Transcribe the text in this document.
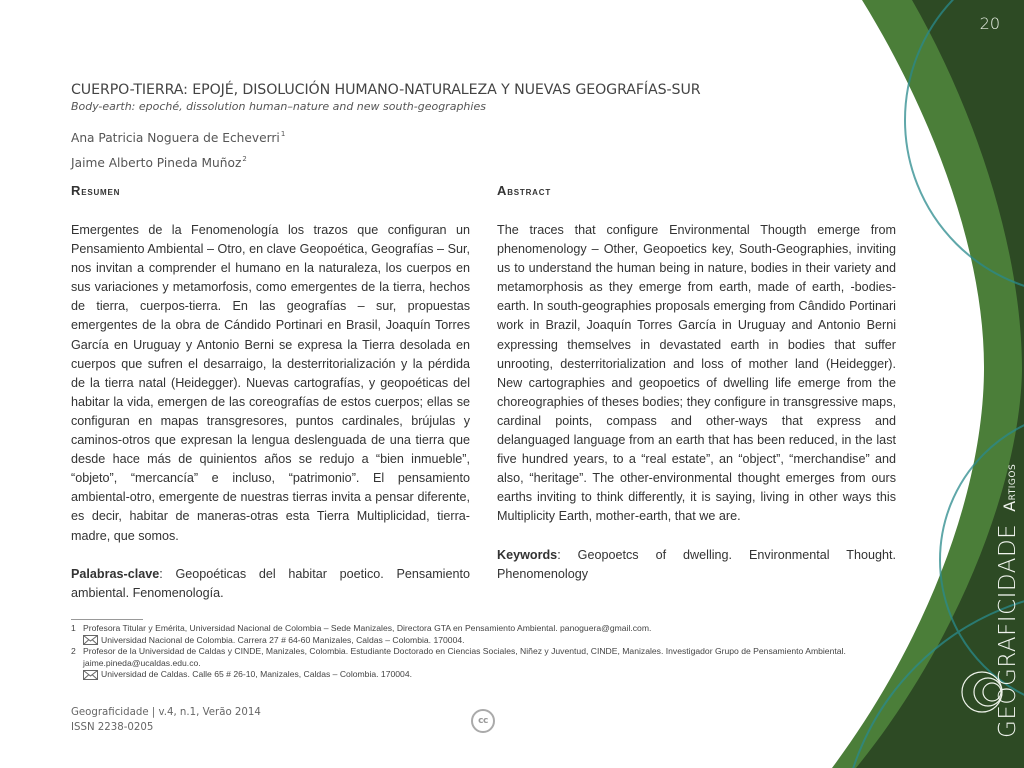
20
CUERPO-TIERRA: EPOJÉ, DISOLUCIÓN HUMANO-NATURALEZA Y NUEVAS GEOGRAFÍAS-SUR
Body-earth: epoché, dissolution human–nature and new south-geographies
Ana Patricia Noguera de Echeverri$^1$
Jaime Alberto Pineda Muñoz$^2$
Resumen
Emergentes de la Fenomenología los trazos que configuran un Pensamiento Ambiental – Otro, en clave Geopoética, Geografías – Sur, nos invitan a comprender el humano en la naturaleza, los cuerpos en sus variaciones y metamorfosis, como emergentes de la tierra, hechos de tierra, cuerpos-tierra. En las geografías – sur, propuestas emergentes de la obra de Cándido Portinari en Brasil, Joaquín Torres García en Uruguay y Antonio Berni se expresa la Tierra desolada en cuerpos que sufren el desarraigo, la desterritorialización y la pérdida de la tierra natal (Heidegger). Nuevas cartografías, y geopoéticas del habitar la vida, emergen de las coreografías de estos cuerpos; ellas se configuran en mapas transgresores, puntos cardinales, brújulas y caminos-otros que expresan la lengua deslenguada de una tierra que desde hace más de quinientos años se redujo a “bien inmueble”, “objeto”, “mercancía” e incluso, “patrimonio”. El pensamiento ambiental-otro, emergente de nuestras tierras invita a pensar diferente, es decir, habitar de maneras-otras esta Tierra Multiplicidad, tierra-madre, que somos.
Palabras-clave: Geopoéticas del habitar poetico. Pensamiento ambiental. Fenomenología.
Abstract
The traces that configure Environmental Thougth emerge from phenomenology – Other, Geopoetics key, South-Geographies, inviting us to understand the human being in nature, bodies in their variety and metamorphosis as they emerge from earth, made of earth, -bodies-earth. In south-geographies proposals emerging from Cândido Portinari work in Brazil, Joaquín Torres García in Uruguay and Antonio Berni expressing themselves in devastated earth in bodies that suffer unrooting, desterritorialization and loss of mother land (Heidegger). New cartographies and geopoetics of dwelling life emerge from the choreographies of theses bodies; they configure in transgressive maps, cardinal points, compass and other-ways that express and delanguaged language from an earth that has been reduced, in the last five hundred years, to a “real estate”, an “object”, “merchandise” and also, “heritage”. The other-environmental thought emerges from ours earths inviting to think differently, it is saying, living in other ways this Multiplicity Earth, mother-earth, that we are.
Keywords: Geopoetcs of dwelling. Environmental Thought. Phenomenology
1 Profesora Titular y Emérita, Universidad Nacional de Colombia – Sede Manizales, Directora GTA en Pensamiento Ambiental. panoguera@gmail.com.
Universidad Nacional de Colombia. Carrera 27 # 64-60 Manizales, Caldas – Colombia. 170004.
2 Profesor de la Universidad de Caldas y CINDE, Manizales, Colombia. Estudiante Doctorado en Ciencias Sociales, Niñez y Juventud, CINDE, Manizales. Investigador Grupo de Pensamiento Ambiental. jaime.pineda@ucaldas.edu.co.
Universidad de Caldas. Calle 65 # 26-10, Manizales, Caldas – Colombia. 170004.
Geograficidade | v.4, n.1, Verão 2014
ISSN 2238-0205
cc	GEOGRAFICIDADEArtigos
